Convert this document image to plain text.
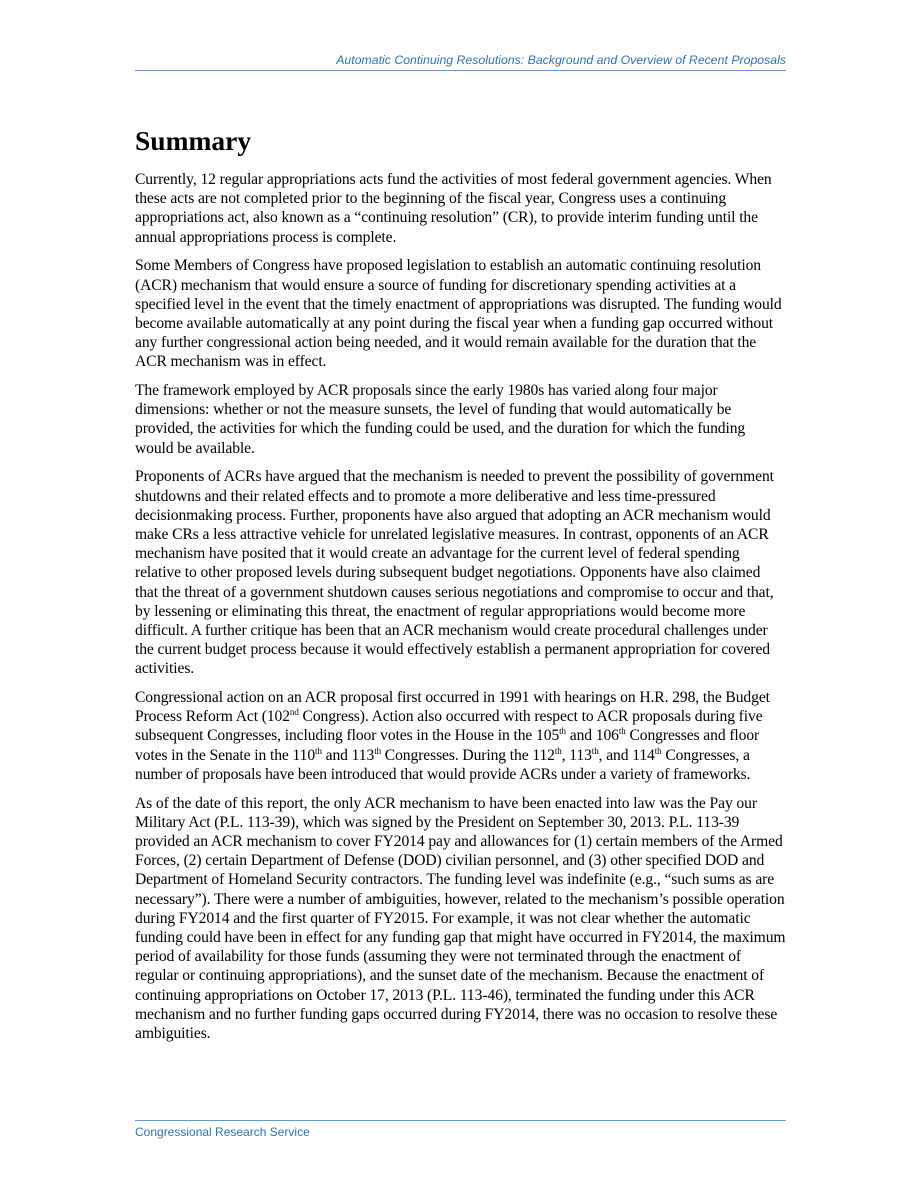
Automatic Continuing Resolutions: Background and Overview of Recent Proposals
Summary

Currently, 12 regular appropriations acts fund the activities of most federal government agencies. When these acts are not completed prior to the beginning of the fiscal year, Congress uses a continuing appropriations act, also known as a “continuing resolution” (CR), to provide interim funding until the annual appropriations process is complete.

Some Members of Congress have proposed legislation to establish an automatic continuing resolution (ACR) mechanism that would ensure a source of funding for discretionary spending activities at a specified level in the event that the timely enactment of appropriations was disrupted. The funding would become available automatically at any point during the fiscal year when a funding gap occurred without any further congressional action being needed, and it would remain available for the duration that the ACR mechanism was in effect.

The framework employed by ACR proposals since the early 1980s has varied along four major dimensions: whether or not the measure sunsets, the level of funding that would automatically be provided, the activities for which the funding could be used, and the duration for which the funding would be available.

Proponents of ACRs have argued that the mechanism is needed to prevent the possibility of government shutdowns and their related effects and to promote a more deliberative and less time-pressured decisionmaking process. Further, proponents have also argued that adopting an ACR mechanism would make CRs a less attractive vehicle for unrelated legislative measures. In contrast, opponents of an ACR mechanism have posited that it would create an advantage for the current level of federal spending relative to other proposed levels during subsequent budget negotiations. Opponents have also claimed that the threat of a government shutdown causes serious negotiations and compromise to occur and that, by lessening or eliminating this threat, the enactment of regular appropriations would become more difficult. A further critique has been that an ACR mechanism would create procedural challenges under the current budget process because it would effectively establish a permanent appropriation for covered activities.

Congressional action on an ACR proposal first occurred in 1991 with hearings on H.R. 298, the Budget Process Reform Act (102nd Congress). Action also occurred with respect to ACR proposals during five subsequent Congresses, including floor votes in the House in the 105th and 106th Congresses and floor votes in the Senate in the 110th and 113th Congresses. During the 112th, 113th, and 114th Congresses, a number of proposals have been introduced that would provide ACRs under a variety of frameworks.

As of the date of this report, the only ACR mechanism to have been enacted into law was the Pay our Military Act (P.L. 113-39), which was signed by the President on September 30, 2013. P.L. 113-39 provided an ACR mechanism to cover FY2014 pay and allowances for (1) certain members of the Armed Forces, (2) certain Department of Defense (DOD) civilian personnel, and (3) other specified DOD and Department of Homeland Security contractors. The funding level was indefinite (e.g., “such sums as are necessary”). There were a number of ambiguities, however, related to the mechanism’s possible operation during FY2014 and the first quarter of FY2015. For example, it was not clear whether the automatic funding could have been in effect for any funding gap that might have occurred in FY2014, the maximum period of availability for those funds (assuming they were not terminated through the enactment of regular or continuing appropriations), and the sunset date of the mechanism. Because the enactment of continuing appropriations on October 17, 2013 (P.L. 113-46), terminated the funding under this ACR mechanism and no further funding gaps occurred during FY2014, there was no occasion to resolve these ambiguities.

Congressional Research Service
